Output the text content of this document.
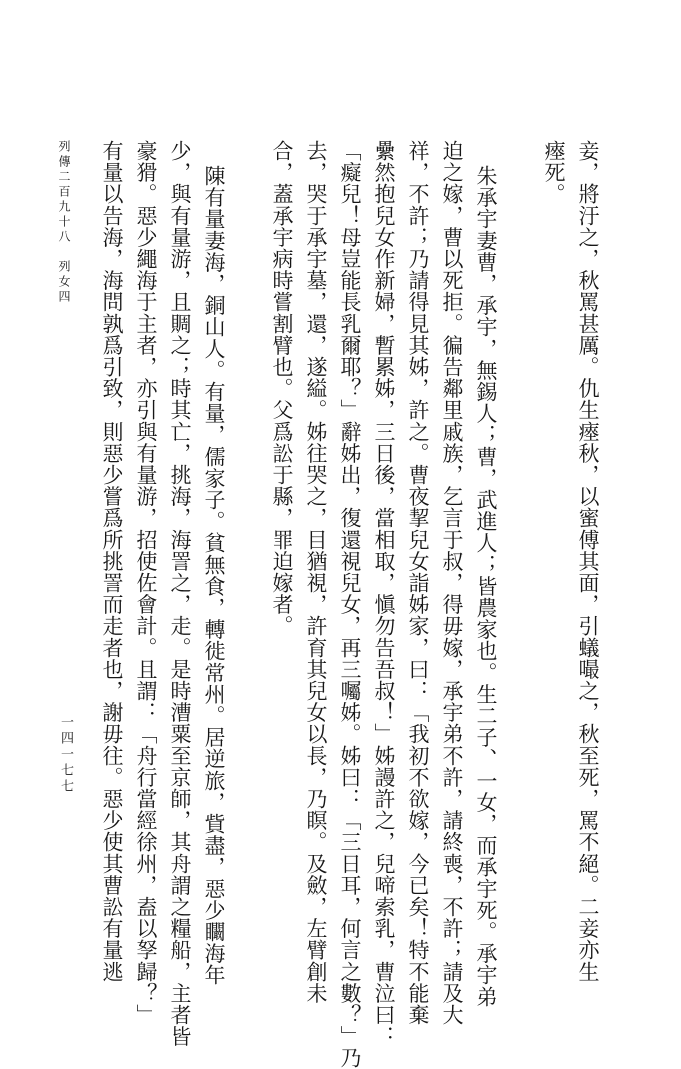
妾，將汙之，秋罵甚厲。仇生瘞秋，以蜜傅其面，引蟻嘬之，秋至死，罵不絕。二妾亦生
瘞死。
朱承宇妻曹，承宇，無錫人；曹，武進人；皆農家也。生二子、一女，而承宇死。承宇弟
迫之嫁，曹以死拒。徧告鄰里戚族，乞言于叔，得毋嫁，承宇弟不許，請終喪，不許；請及大
祥，不許；乃請得見其姊，許之。曹夜挈兒女詣姊家，曰：「我初不欲嫁，今已矣！特不能棄
纍然抱兒女作新婦，暫累姊，三日後，當相取，愼勿告吾叔！」姊謾許之，兒啼索乳，曹泣曰：
「癡兒！母豈能長乳爾耶？」辭姊出，復還視兒女，再三囑姊。姊曰：「三日耳，何言之數？」乃
去，哭于承宇墓，還，遂縊。姊往哭之，目猶視，許育其兒女以長，乃瞑。及斂，左臂創未
合，蓋承宇病時嘗割臂也。父爲訟于縣，罪迫嫁者。
陳有量妻海，銅山人。有量，儒家子。貧無食，轉徙常州。居逆旅，貲盡，惡少矙海年
少，與有量游，且賙之；時其亡，挑海，海詈之，走。是時漕粟至京師，其舟謂之糧船，主者皆
豪猾。惡少繩海于主者，亦引與有量游，招使佐會計。且謂：「舟行當經徐州，盍以孥歸？」
有量以告海，海問孰爲引致，則惡少嘗爲所挑詈而走者也，謝毋往。惡少使其曹訟有量逃
列傳二百九十八　列女四
一四一七七
